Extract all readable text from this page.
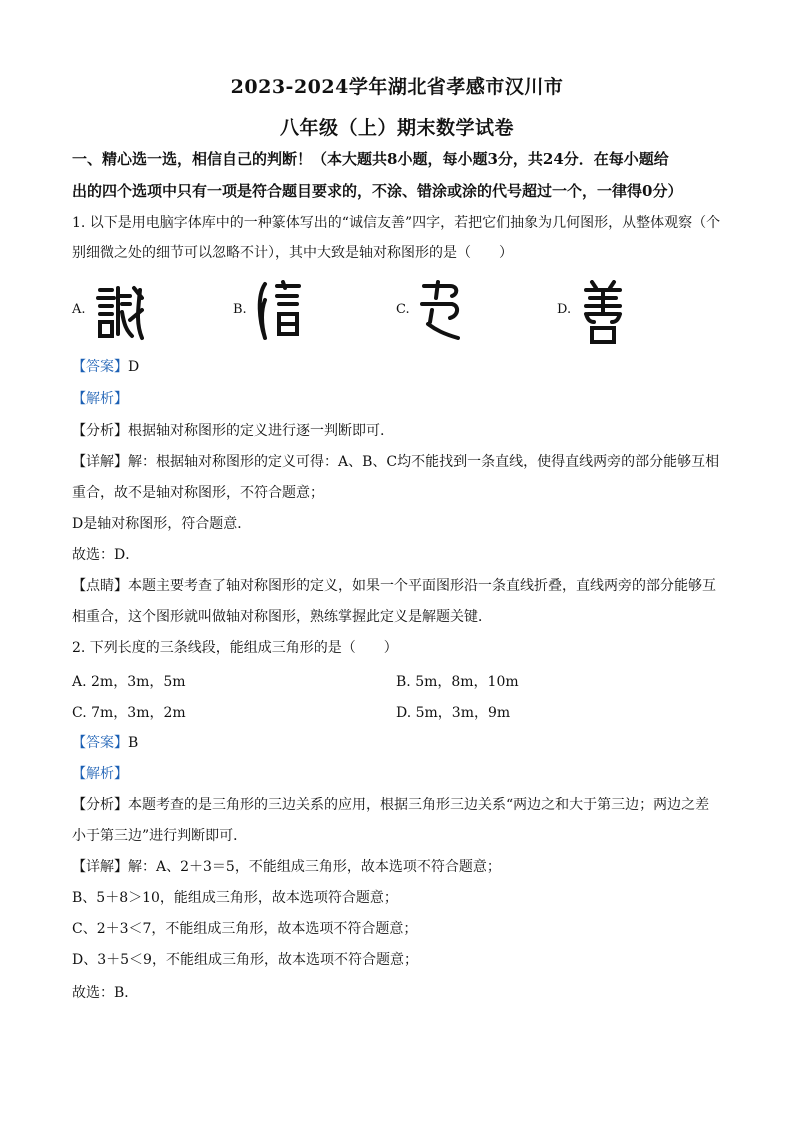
2023-2024学年湖北省孝感市汉川市
八年级（上）期末数学试卷
一、精心选一选，相信自己的判断！（本大题共8小题，每小题3分，共24分．在每小题给
出的四个选项中只有一项是符合题目要求的，不涂、错涂或涂的代号超过一个，一律得0分）
1. 以下是用电脑字体库中的一种篆体写出的“诚信友善”四字，若把它们抽象为几何图形，从整体观察（个
别细微之处的细节可以忽略不计），其中大致是轴对称图形的是（　　）
A.	B.	C.	D.
【答案】D
【解析】
【分析】根据轴对称图形的定义进行逐一判断即可.
【详解】解：根据轴对称图形的定义可得：A、B、C均不能找到一条直线，使得直线两旁的部分能够互相
重合，故不是轴对称图形，不符合题意；
D是轴对称图形，符合题意．
故选：D．
【点睛】本题主要考查了轴对称图形的定义，如果一个平面图形沿一条直线折叠，直线两旁的部分能够互
相重合，这个图形就叫做轴对称图形，熟练掌握此定义是解题关键．
2. 下列长度的三条线段，能组成三角形的是（　　）
A. 2m，3m，5m	B. 5m，8m，10m
C. 7m，3m，2m	D. 5m，3m，9m
【答案】B
【解析】
【分析】本题考查的是三角形的三边关系的应用，根据三角形三边关系“两边之和大于第三边；两边之差
小于第三边”进行判断即可．
【详解】解：A、2＋3＝5，不能组成三角形，故本选项不符合题意；
B、5＋8＞10，能组成三角形，故本选项符合题意；
C、2＋3＜7，不能组成三角形，故本选项不符合题意；
D、3＋5＜9，不能组成三角形，故本选项不符合题意；
故选：B．
